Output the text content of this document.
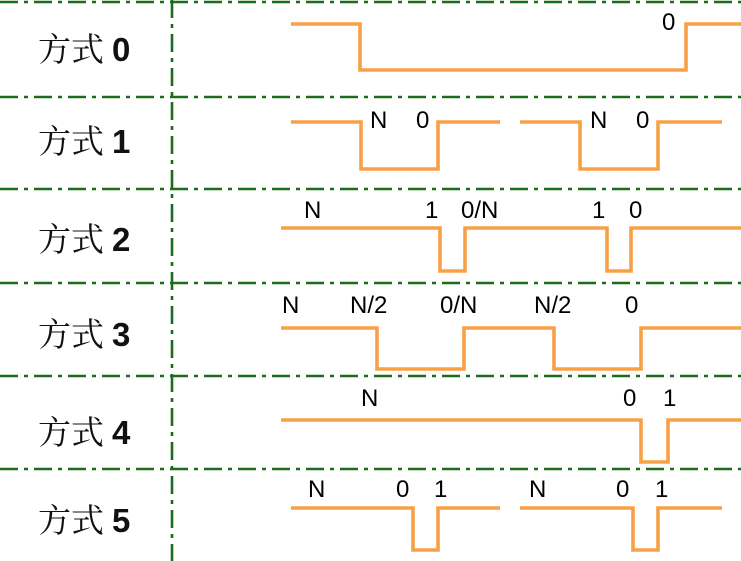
方式 0
0
方式 1
N 0	N 0
方式 2
N	1 0/N	1 0
方式 3
N N/2 0/N N/2 0
方式 4
N	0 1
方式 5
N	0 1	N	0 1
